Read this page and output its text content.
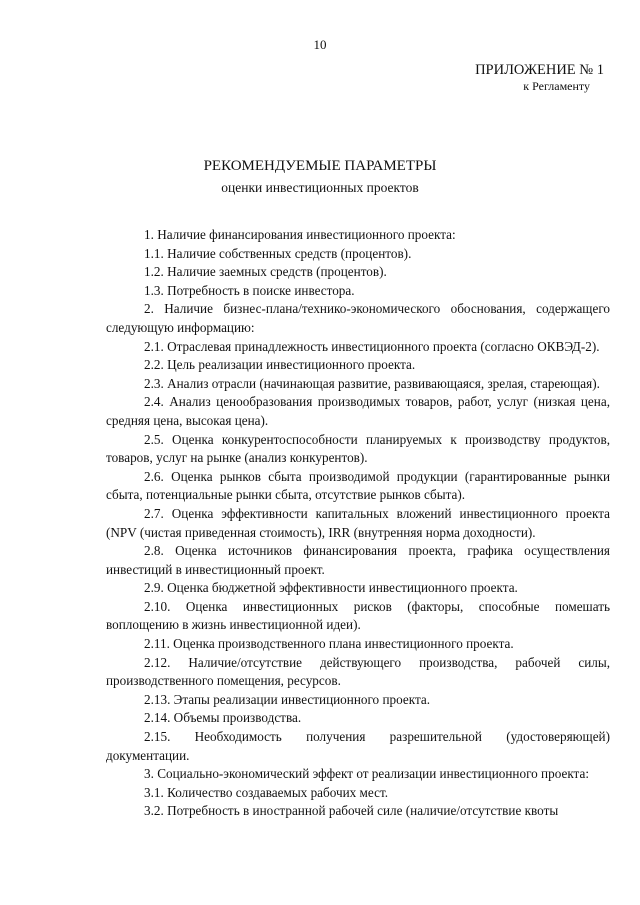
10
ПРИЛОЖЕНИЕ № 1
к Регламенту
РЕКОМЕНДУЕМЫЕ ПАРАМЕТРЫ
оценки инвестиционных проектов

1. Наличие финансирования инвестиционного проекта:

1.1. Наличие собственных средств (процентов).

1.2. Наличие заемных средств (процентов).

1.3. Потребность в поиске инвестора.

2. Наличие бизнес-плана/технико-экономического обоснования, содержащего следующую информацию:

2.1. Отраслевая принадлежность инвестиционного проекта (согласно ОКВЭД-2).

2.2. Цель реализации инвестиционного проекта.

2.3. Анализ отрасли (начинающая развитие, развивающаяся, зрелая, стареющая).

2.4. Анализ ценообразования производимых товаров, работ, услуг (низкая цена, средняя цена, высокая цена).

2.5. Оценка конкурентоспособности планируемых к производству продуктов, товаров, услуг на рынке (анализ конкурентов).

2.6. Оценка рынков сбыта производимой продукции (гарантированные рынки сбыта, потенциальные рынки сбыта, отсутствие рынков сбыта).

2.7. Оценка эффективности капитальных вложений инвестиционного проекта (NPV (чистая приведенная стоимость), IRR (внутренняя норма доходности).

2.8. Оценка источников финансирования проекта, графика осуществления инвестиций в инвестиционный проект.

2.9. Оценка бюджетной эффективности инвестиционного проекта.

2.10. Оценка инвестиционных рисков (факторы, способные помешать воплощению в жизнь инвестиционной идеи).

2.11. Оценка производственного плана инвестиционного проекта.

2.12. Наличие/отсутствие действующего производства, рабочей силы, производственного помещения, ресурсов.

2.13. Этапы реализации инвестиционного проекта.

2.14. Объемы производства.

2.15. Необходимость получения разрешительной (удостоверяющей) документации.

3. Социально-экономический эффект от реализации инвестиционного проекта:

3.1. Количество создаваемых рабочих мест.

3.2. Потребность в иностранной рабочей силе (наличие/отсутствие квоты
